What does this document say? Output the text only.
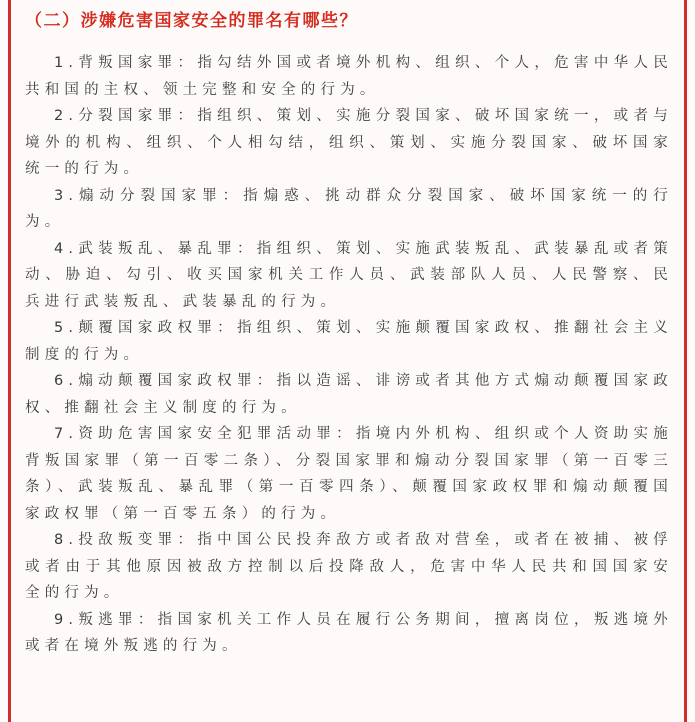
（二）涉嫌危害国家安全的罪名有哪些？

1.背叛国家罪：指勾结外国或者境外机构、组织、个人，危害中华人民共和国的主权、领土完整和安全的行为。

2.分裂国家罪：指组织、策划、实施分裂国家、破坏国家统一，或者与境外的机构、组织、个人相勾结，组织、策划、实施分裂国家、破坏国家统一的行为。

3.煽动分裂国家罪：指煽惑、挑动群众分裂国家、破坏国家统一的行为。

4.武装叛乱、暴乱罪：指组织、策划、实施武装叛乱、武装暴乱或者策动、胁迫、勾引、收买国家机关工作人员、武装部队人员、人民警察、民兵进行武装叛乱、武装暴乱的行为。

5.颠覆国家政权罪：指组织、策划、实施颠覆国家政权、推翻社会主义制度的行为。

6.煽动颠覆国家政权罪：指以造谣、诽谤或者其他方式煽动颠覆国家政权、推翻社会主义制度的行为。

7.资助危害国家安全犯罪活动罪：指境内外机构、组织或个人资助实施背叛国家罪（第一百零二条）、分裂国家罪和煽动分裂国家罪（第一百零三条）、武装叛乱、暴乱罪（第一百零四条）、颠覆国家政权罪和煽动颠覆国家政权罪（第一百零五条）的行为。

8.投敌叛变罪：指中国公民投奔敌方或者敌对营垒，或者在被捕、被俘或者由于其他原因被敌方控制以后投降敌人，危害中华人民共和国国家安全的行为。

9.叛逃罪：指国家机关工作人员在履行公务期间，擅离岗位，叛逃境外或者在境外叛逃的行为。
